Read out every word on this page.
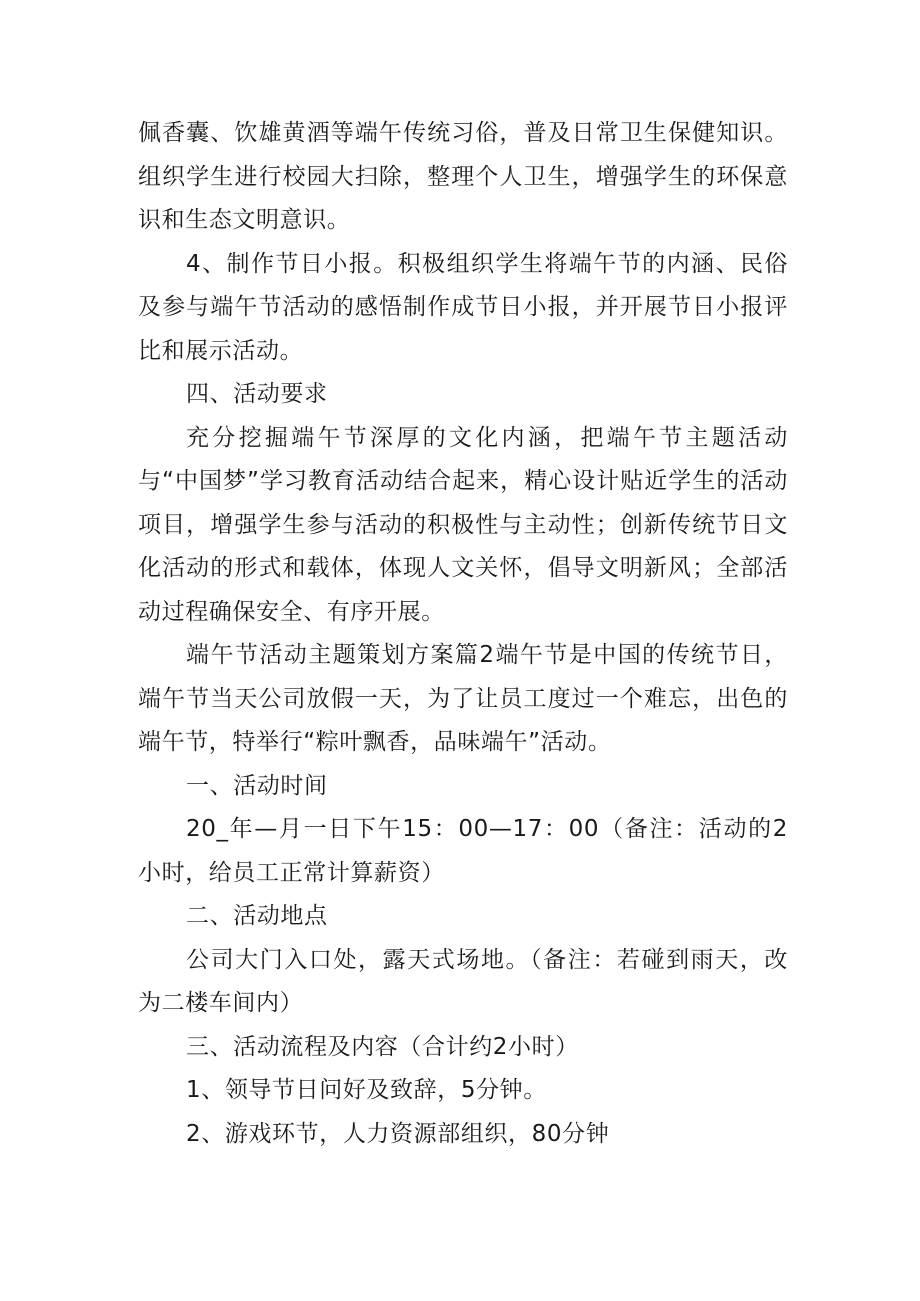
佩香囊、饮雄黄酒等端午传统习俗，普及日常卫生保健知识。组织学生进行校园大扫除，整理个人卫生，增强学生的环保意识和生态文明意识。

4、制作节日小报。积极组织学生将端午节的内涵、民俗及参与端午节活动的感悟制作成节日小报，并开展节日小报评比和展示活动。

四、活动要求

充分挖掘端午节深厚的文化内涵，把端午节主题活动与“中国梦”学习教育活动结合起来，精心设计贴近学生的活动项目，增强学生参与活动的积极性与主动性；创新传统节日文化活动的形式和载体，体现人文关怀，倡导文明新风；全部活动过程确保安全、有序开展。

端午节活动主题策划方案篇2端午节是中国的传统节日，端午节当天公司放假一天，为了让员工度过一个难忘，出色的端午节，特举行“粽叶飘香，品味端午”活动。

一、活动时间

20_年—月一日下午15：00—17：00（备注：活动的2小时，给员工正常计算薪资）

二、活动地点

公司大门入口处，露天式场地。（备注：若碰到雨天，改为二楼车间内）

三、活动流程及内容（合计约2小时）

1、领导节日问好及致辞，5分钟。

2、游戏环节，人力资源部组织，80分钟
